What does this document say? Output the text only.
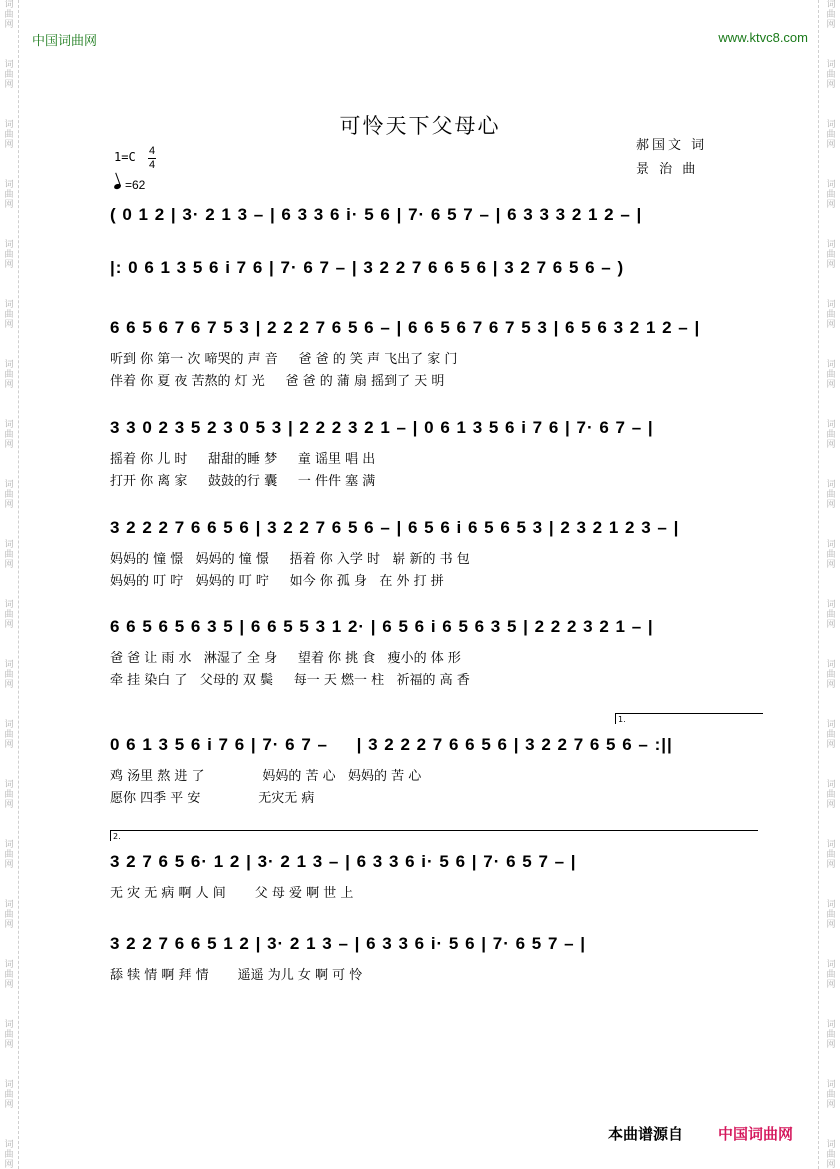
词
曲
网
词
曲
网
词
曲
网
词
曲
网
词
曲
网
词
曲
网
词
曲
网
词
曲
网
词
曲
网
词
曲
网
词
曲
网
词
曲
网
词
曲
网
词
曲
网
词
曲
网
词
曲
网
词
曲
网
词
曲
网
词
曲
网
词
曲
网
词
曲
网
词
曲
网
词
曲
网
词
曲
网
词
曲
网
词
曲
网
词
曲
网
词
曲
网
词
曲
网
词
曲
网
词
曲
网
词
曲
网
词
曲
网
词
曲
网
词
曲
网
词
曲
网
词
曲
网
词
曲
网
词
曲
网
词
曲
网
中国词曲网	www.ktvc8.com
可怜天下父母心
郝国文 词
景 治 曲
1=C 4
4
=62
( 0 1 2 | 3· 2 1 3 – | 6 3 3 6 i· 5 6 | 7· 6 5 7 – | 6 3 3 3 2 1 2 – |
|: 0 6 1 3 5 6 i 7 6 | 7· 6 7 – | 3 2 2 7 6 6 5 6 | 3 2 7 6 5 6 – )
6 6 5 6 7 6 7 5 3 | 2 2 2 7 6 5 6 – | 6 6 5 6 7 6 7 5 3 | 6 5 6 3 2 1 2 – |
听到 你 第一 次 啼哭的 声 音     爸 爸 的 笑 声 飞出了 家 门
伴着 你 夏 夜 苦熬的 灯 光     爸 爸 的 蒲 扇 摇到了 天 明
3 3 0 2 3 5 2 3 0 5 3 | 2 2 2 3 2 1 – | 0 6 1 3 5 6 i 7 6 | 7· 6 7 – |
摇着 你 儿 时     甜甜的睡 梦     童 谣里 唱 出
打开 你 离 家     鼓鼓的行 囊     一 件件 塞 满
3 2 2 2 7 6 6 5 6 | 3 2 2 7 6 5 6 – | 6 5 6 i 6 5 6 5 3 | 2 3 2 1 2 3 – |
妈妈的 憧 憬   妈妈的 憧 憬     捂着 你 入学 时   崭 新的 书 包
妈妈的 叮 咛   妈妈的 叮 咛     如今 你 孤 身   在 外 打 拼
6 6 5 6 5 6 3 5 | 6 6 5 5 3 1 2· | 6 5 6 i 6 5 6 3 5 | 2 2 2 3 2 1 – |
爸 爸 让 雨 水   淋湿了 全 身     望着 你 挑 食   瘦小的 体 形
牵 挂 染白 了   父母的 双 鬓     每一 天 燃一 柱   祈福的 高 香
1.
0 6 1 3 5 6 i 7 6 | 7· 6 7 –     | 3 2 2 2 7 6 6 5 6 | 3 2 2 7 6 5 6 – :||
鸡 汤里 熬 进 了              妈妈的 苦 心   妈妈的 苦 心
愿你 四季 平 安              无灾无 病
2.
3 2 7 6 5 6· 1 2 | 3· 2 1 3 – | 6 3 3 6 i· 5 6 | 7· 6 5 7 – |
无 灾 无 病 啊 人 间       父 母 爱 啊 世 上
3 2 2 7 6 6 5 1 2 | 3· 2 1 3 – | 6 3 3 6 i· 5 6 | 7· 6 5 7 – |
舔 犊 情 啊 拜 情       遥遥 为儿 女 啊 可 怜
本曲谱源自 中国词曲网
